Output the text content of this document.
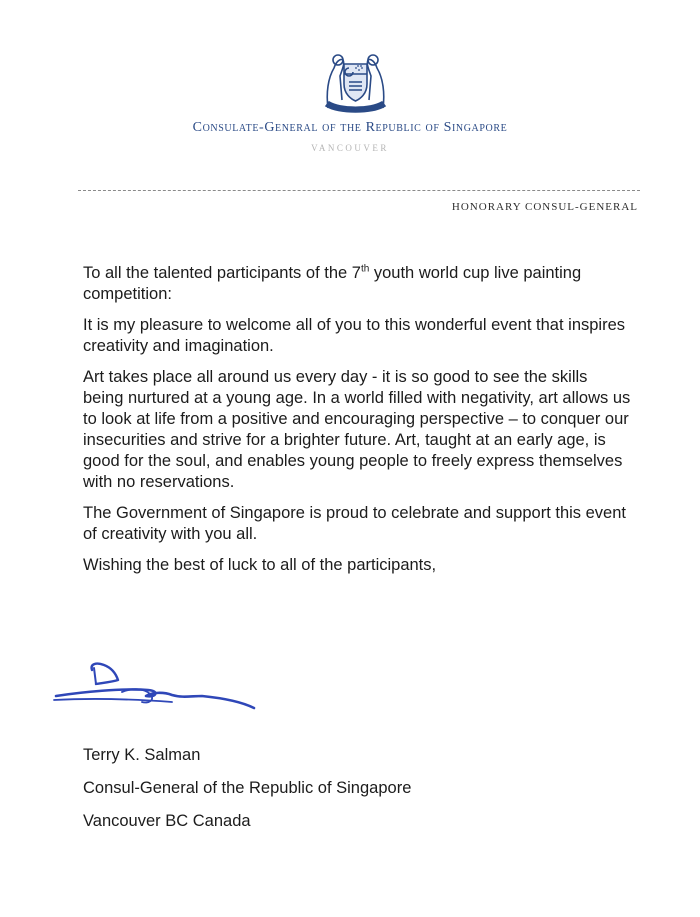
Consulate-General of the Republic of Singapore
VANCOUVER
HONORARY CONSUL-GENERAL

To all the talented participants of the 7th youth world cup live painting competition:

It is my pleasure to welcome all of you to this wonderful event that inspires creativity and imagination.

Art takes place all around us every day - it is so good to see the skills being nurtured at a young age. In a world filled with negativity, art allows us to look at life from a positive and encouraging perspective – to conquer our insecurities and strive for a brighter future. Art, taught at an early age, is good for the soul, and enables young people to freely express themselves with no reservations.

The Government of Singapore is proud to celebrate and support this event of creativity with you all.

Wishing the best of luck to all of the participants,

Terry K. Salman
Consul-General of the Republic of Singapore
Vancouver BC Canada
